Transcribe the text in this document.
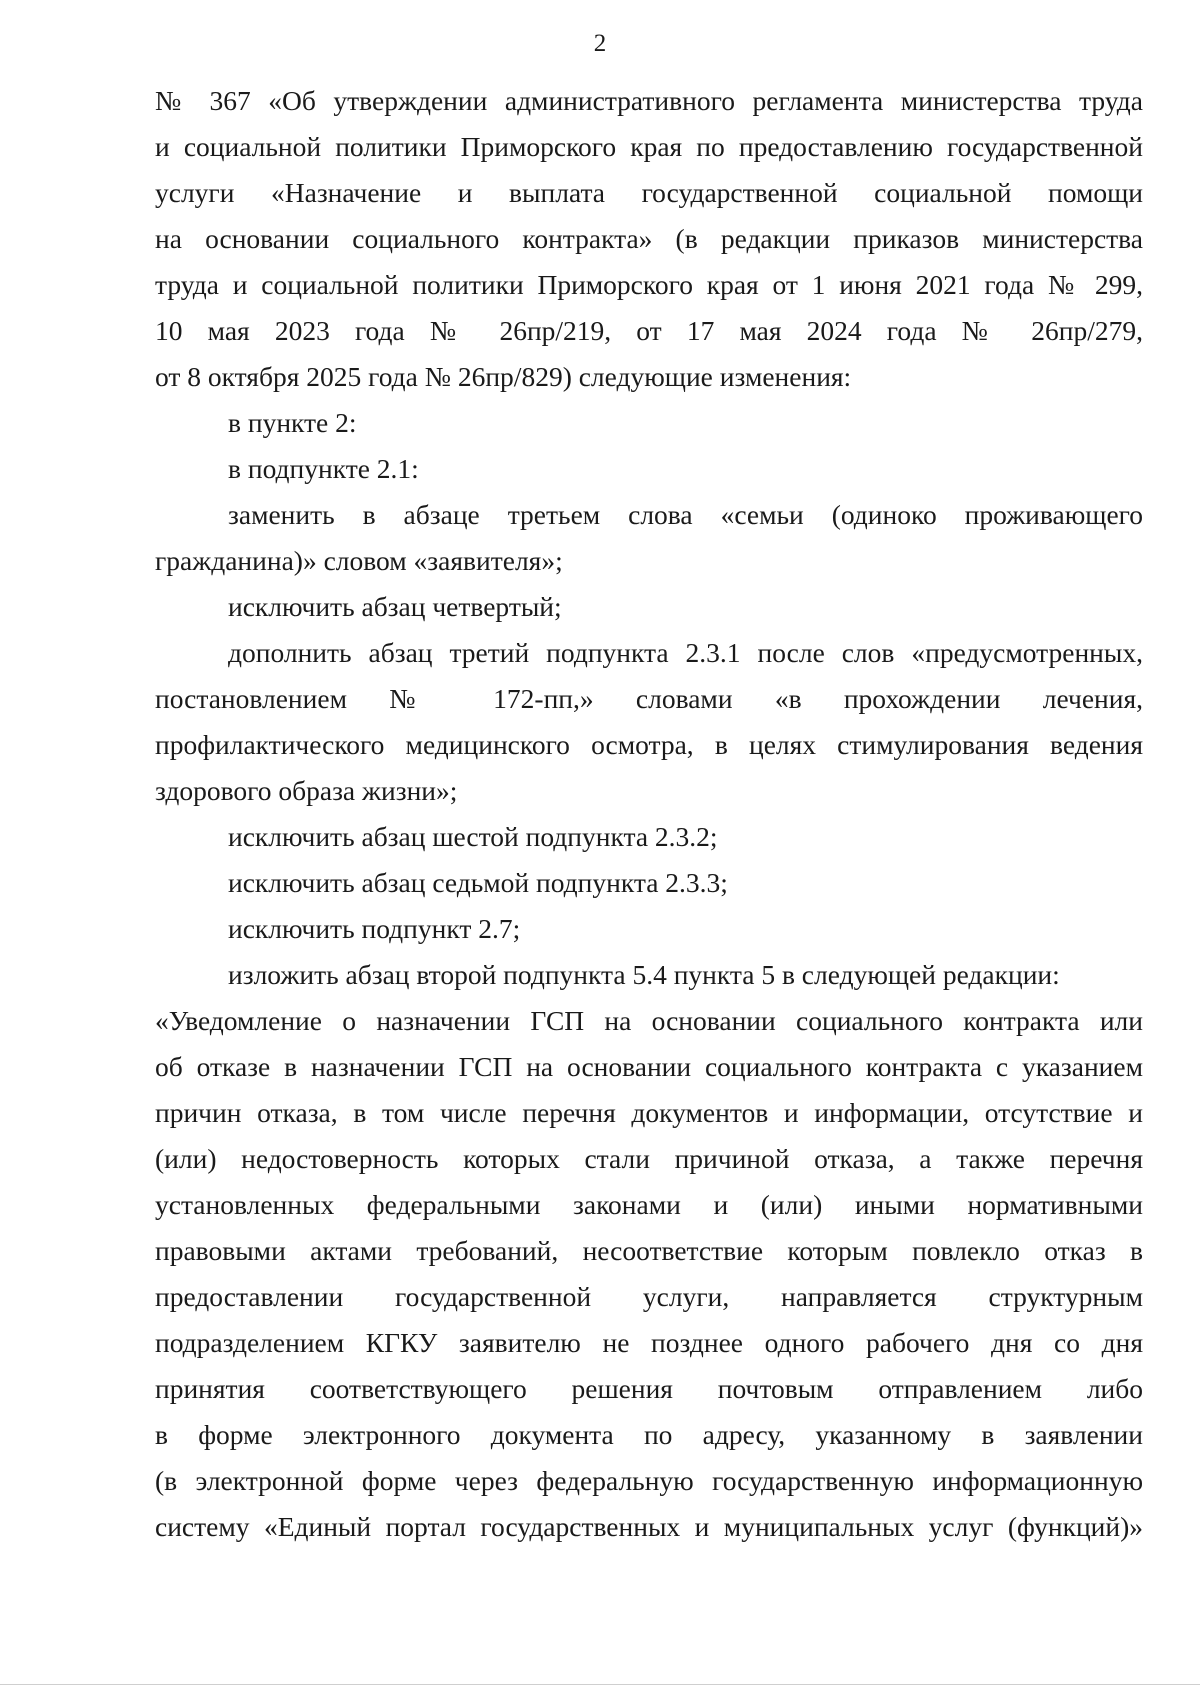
2
№ 367 «Об утверждении административного регламента министерства труда
и социальной политики Приморского края по предоставлению государственной
услуги «Назначение и выплата государственной социальной помощи
на основании социального контракта» (в редакции приказов министерства
труда и социальной политики Приморского края от 1 июня 2021 года № 299,
10 мая 2023 года № 26пр/219, от 17 мая 2024 года № 26пр/279,
от 8 октября 2025 года № 26пр/829) следующие изменения:
в пункте 2:
в подпункте 2.1:
заменить в абзаце третьем слова «семьи (одиноко проживающего
гражданина)» словом «заявителя»;
исключить абзац четвертый;
дополнить абзац третий подпункта 2.3.1 после слов «предусмотренных,
постановлением № 172-пп,» словами «в прохождении лечения,
профилактического медицинского осмотра, в целях стимулирования ведения
здорового образа жизни»;
исключить абзац шестой подпункта 2.3.2;
исключить абзац седьмой подпункта 2.3.3;
исключить подпункт 2.7;
изложить абзац второй подпункта 5.4 пункта 5 в следующей редакции:
«Уведомление о назначении ГСП на основании социального контракта или
об отказе в назначении ГСП на основании социального контракта с указанием
причин отказа, в том числе перечня документов и информации, отсутствие и
(или) недостоверность которых стали причиной отказа, а также перечня
установленных федеральными законами и (или) иными нормативными
правовыми актами требований, несоответствие которым повлекло отказ в
предоставлении государственной услуги, направляется структурным
подразделением КГКУ заявителю не позднее одного рабочего дня со дня
принятия соответствующего решения почтовым отправлением либо
в форме электронного документа по адресу, указанному в заявлении
(в электронной форме через федеральную государственную информационную
систему «Единый портал государственных и муниципальных услуг (функций)»
